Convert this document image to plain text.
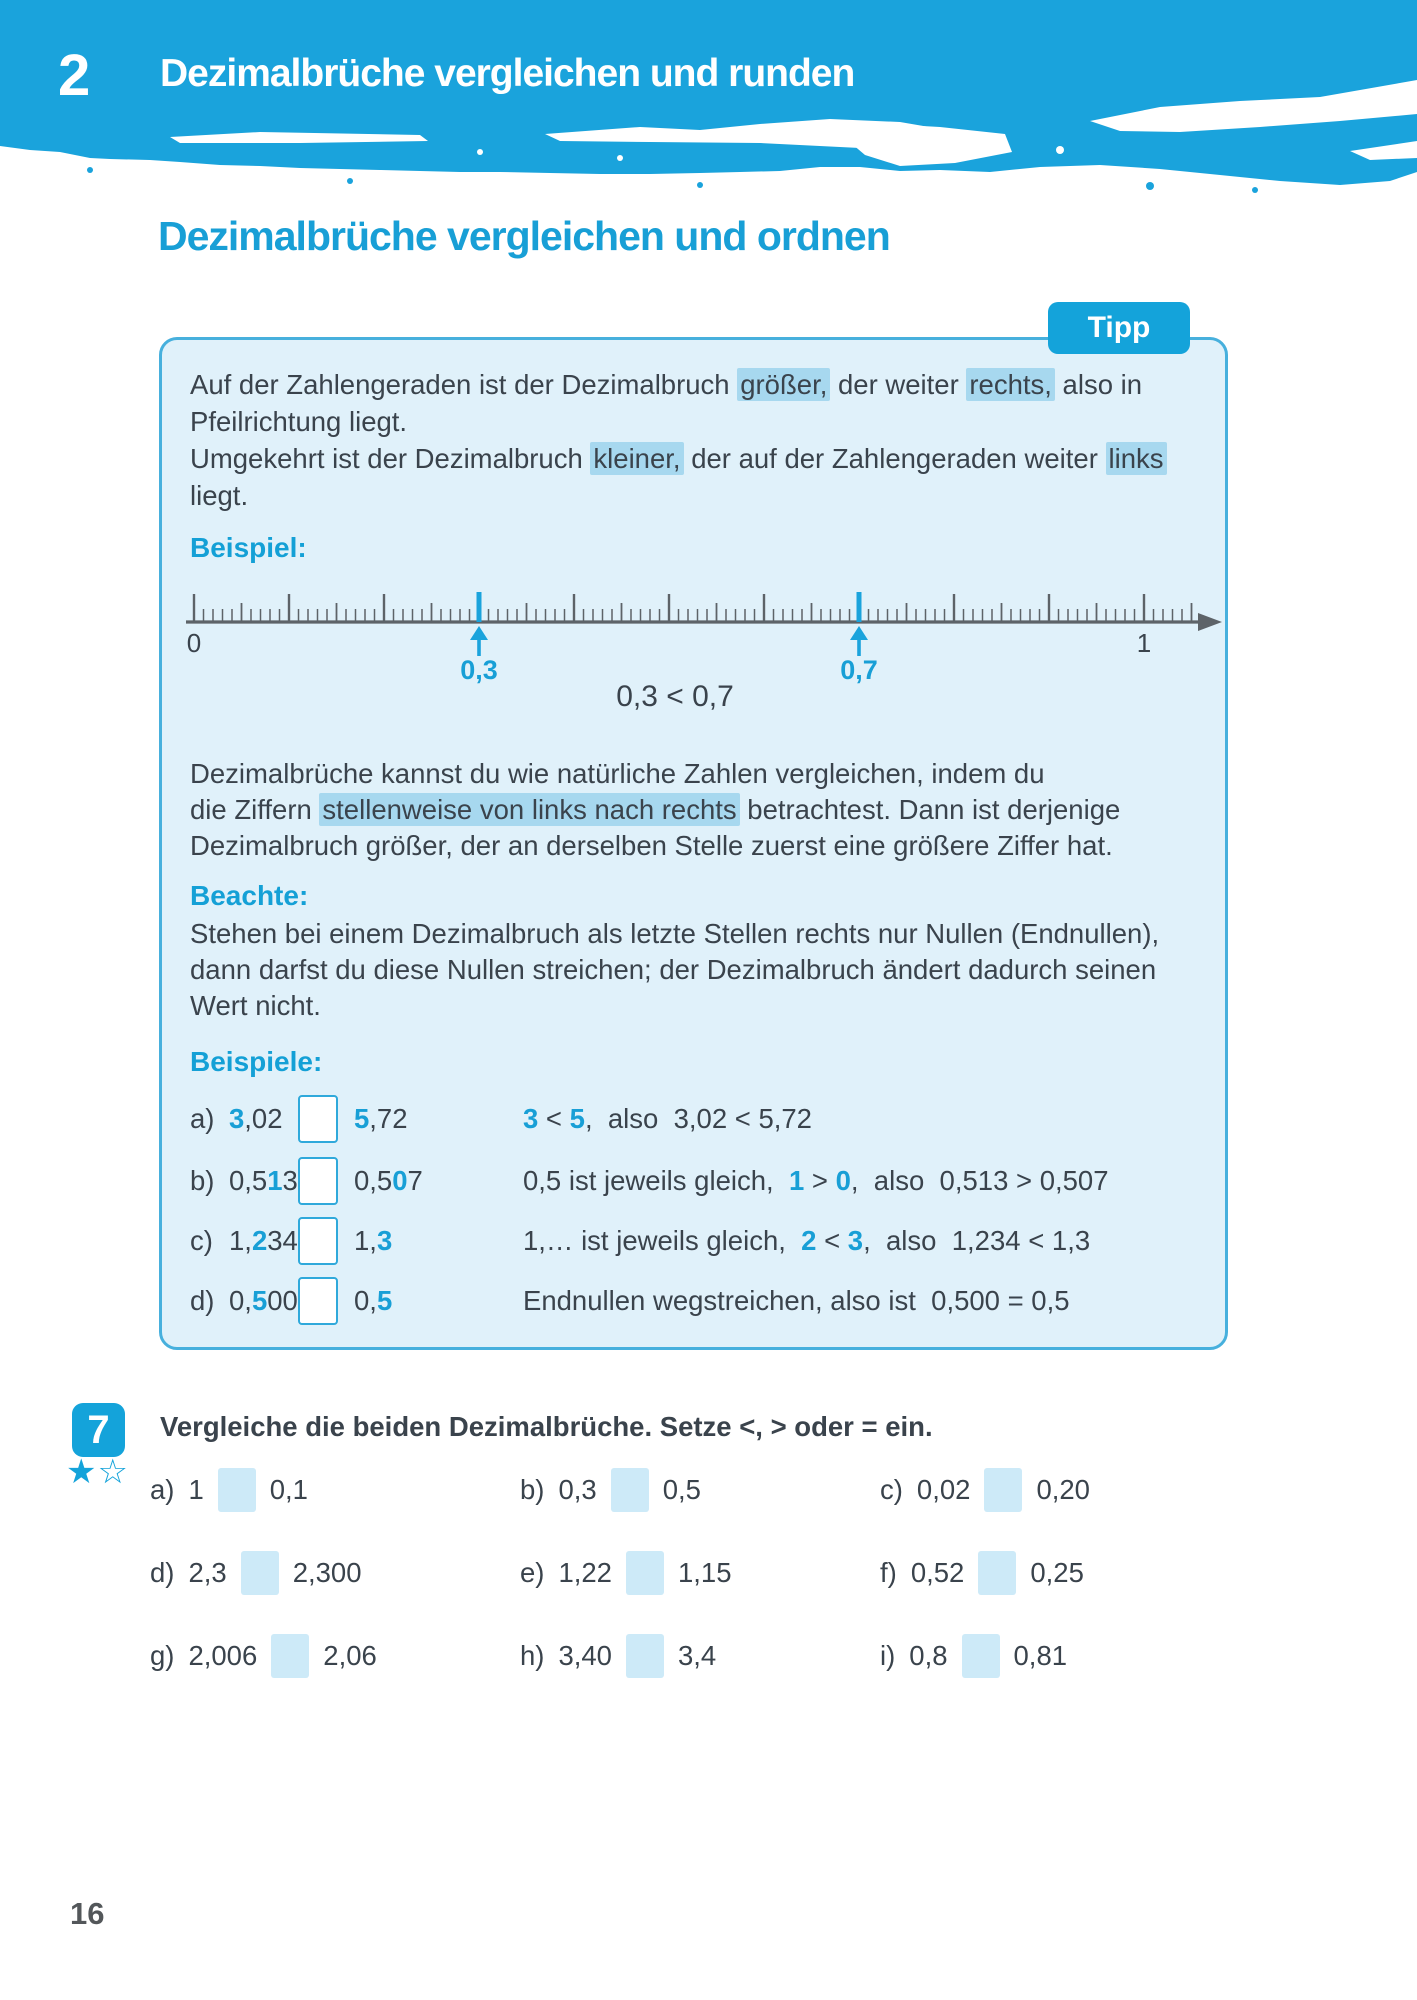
2	Dezimalbrüche vergleichen und runden
Dezimalbrüche vergleichen und ordnen
Tipp
Auf der Zahlengeraden ist der Dezimalbruch größer, der weiter rechts, also in
Pfeilrichtung liegt.
Umgekehrt ist der Dezimalbruch kleiner, der auf der Zahlengeraden weiter links
liegt.
Beispiel:
0	1
0,3	0,7
0,3 < 0,7
Dezimalbrüche kannst du wie natürliche Zahlen vergleichen, indem du
die Ziffern stellenweise von links nach rechts betrachtest. Dann ist derjenige
Dezimalbruch größer, der an derselben Stelle zuerst eine größere Ziffer hat.
Beachte:
Stehen bei einem Dezimalbruch als letzte Stellen rechts nur Nullen (Endnullen),
dann darfst du diese Nullen streichen; der Dezimalbruch ändert dadurch seinen
Wert nicht.
Beispiele:
a) 3,02	5,72	3 < 5,  also  3,02 < 5,72
b) 0,513 0,507	0,5 ist jeweils gleich,  1 > 0,  also  0,513 > 0,507
c) 1,234 1,3	1,… ist jeweils gleich,  2 < 3,  also  1,234 < 1,3
d) 0,500 0,5	Endnullen wegstreichen, also ist  0,500 = 0,5
7
★☆
Vergleiche die beiden Dezimalbrüche. Setze <, > oder = ein.
a) 1 0,1	b) 0,3 0,5	c) 0,02 0,20
d) 2,3 2,300	e) 1,22 1,15	f) 0,52 0,25
g) 2,006 2,06	h) 3,40 3,4	i) 0,8 0,81
16
